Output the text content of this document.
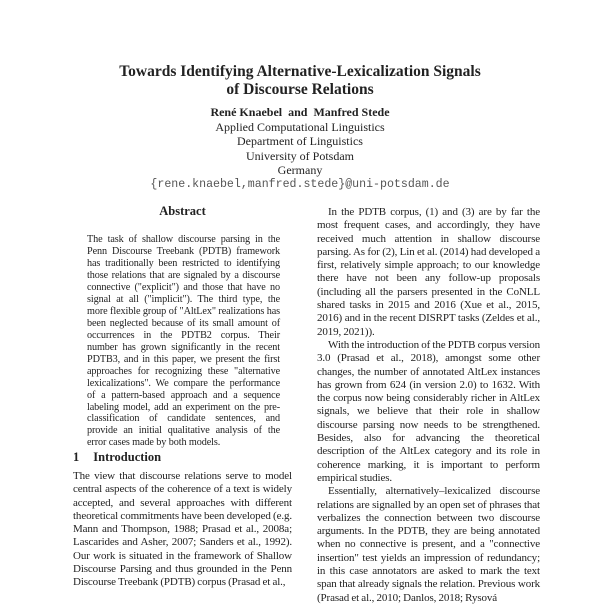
Towards Identifying Alternative-Lexicalization Signals
of Discourse Relations
René Knaebel  and  Manfred Stede
Applied Computational Linguistics
Department of Linguistics
University of Potsdam
Germany
{rene.knaebel,manfred.stede}@uni-potsdam.de
Abstract

The task of shallow discourse parsing in the Penn Discourse Treebank (PDTB) framework has traditionally been restricted to identifying those relations that are signaled by a discourse connective ("explicit") and those that have no signal at all ("implicit"). The third type, the more flexible group of "AltLex" realizations has been neglected because of its small amount of occurrences in the PDTB2 corpus. Their number has grown significantly in the recent PDTB3, and in this paper, we present the first approaches for recognizing these "alternative lexicalizations". We compare the performance of a pattern-based approach and a sequence labeling model, add an experiment on the pre-classification of candidate sentences, and provide an initial qualitative analysis of the error cases made by both models.

1 Introduction

The view that discourse relations serve to model central aspects of the coherence of a text is widely accepted, and several approaches with different theoretical commitments have been developed (e.g. Mann and Thompson, 1988; Prasad et al., 2008a; Lascarides and Asher, 2007; Sanders et al., 1992). Our work is situated in the framework of Shallow Discourse Parsing and thus grounded in the Penn Discourse Treebank (PDTB) corpus (Prasad et al.,

In the PDTB corpus, (1) and (3) are by far the most frequent cases, and accordingly, they have received much attention in shallow discourse parsing. As for (2), Lin et al. (2014) had developed a first, relatively simple approach; to our knowledge there have not been any follow-up proposals (including all the parsers presented in the CoNLL shared tasks in 2015 and 2016 (Xue et al., 2015, 2016) and in the recent DISRPT tasks (Zeldes et al., 2019, 2021)).

With the introduction of the PDTB corpus version 3.0 (Prasad et al., 2018), amongst some other changes, the number of annotated AltLex instances has grown from 624 (in version 2.0) to 1632. With the corpus now being considerably richer in AltLex signals, we believe that their role in shallow discourse parsing now needs to be strengthened. Besides, also for advancing the theoretical description of the AltLex category and its role in coherence marking, it is important to perform empirical studies.

Essentially, alternatively–lexicalized discourse relations are signalled by an open set of phrases that verbalizes the connection between two discourse arguments. In the PDTB, they are being annotated when no connective is present, and a "connective insertion" test yields an impression of redundancy; in this case annotators are asked to mark the text span that already signals the relation. Previous work (Prasad et al., 2010; Danlos, 2018; Rysová
